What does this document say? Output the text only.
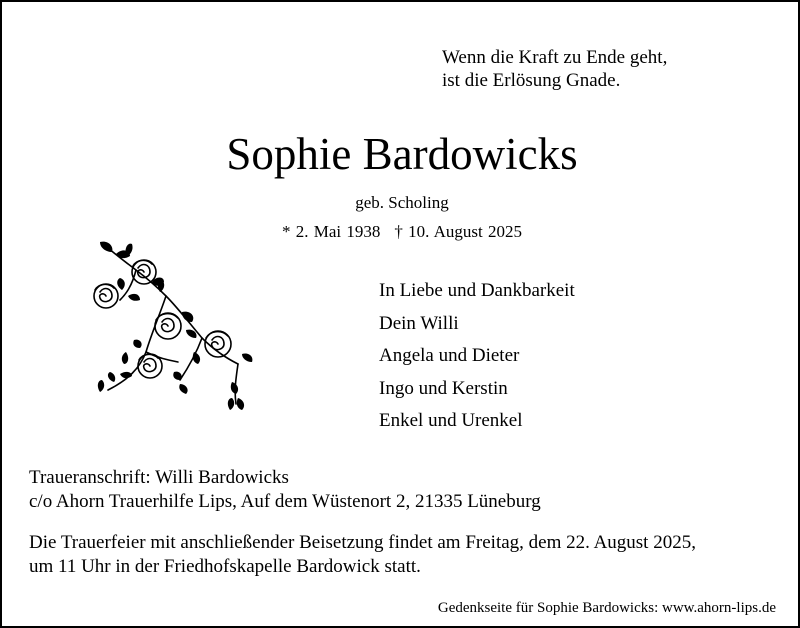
Wenn die Kraft zu Ende geht,
ist die Erlösung Gnade.
Sophie Bardowicks
geb. Scholing
* 2. Mai 1938 † 10. August 2025
In Liebe und Dankbarkeit
Dein Willi
Angela und Dieter
Ingo und Kerstin
Enkel und Urenkel
Traueranschrift: Willi Bardowicks
c/o Ahorn Trauerhilfe Lips, Auf dem Wüstenort 2, 21335 Lüneburg
Die Trauerfeier mit anschließender Beisetzung findet am Freitag, dem 22. August 2025,
um 11 Uhr in der Friedhofskapelle Bardowick statt.
Gedenkseite für Sophie Bardowicks: www.ahorn-lips.de
